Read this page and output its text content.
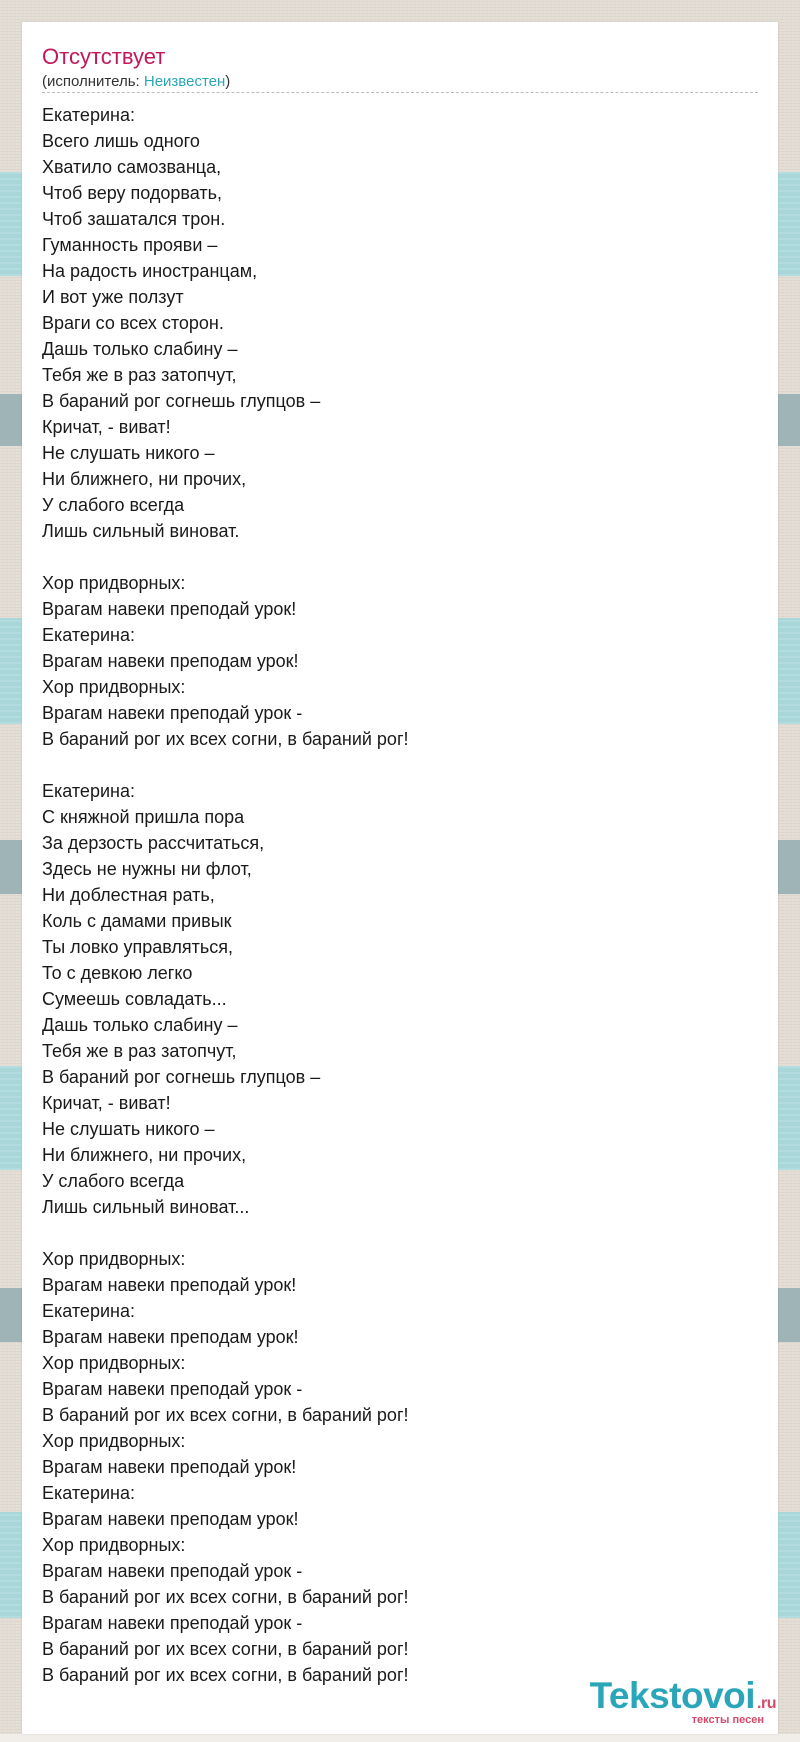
Отсутствует
(исполнитель: Неизвестен)
Екатерина:
Всего лишь одного
Хватило самозванца,
Чтоб веру подорвать,
Чтоб зашатался трон.
Гуманность прояви –
На радость иностранцам,
И вот уже ползут
Враги со всех сторон.
Дашь только слабину –
Тебя же в раз затопчут,
В бараний рог согнешь глупцов –
Кричат, - виват!
Не слушать никого –
Ни ближнего, ни прочих,
У слабого всегда
Лишь сильный виноват.
Хор придворных:
Врагам навеки преподай урок!
Екатерина:
Врагам навеки преподам урок!
Хор придворных:
Врагам навеки преподай урок -
В бараний рог их всех согни, в бараний рог!
Екатерина:
С княжной пришла пора
За дерзость рассчитаться,
Здесь не нужны ни флот,
Ни доблестная рать,
Коль с дамами привык
Ты ловко управляться,
То с девкою легко
Сумеешь совладать...
Дашь только слабину –
Тебя же в раз затопчут,
В бараний рог согнешь глупцов –
Кричат, - виват!
Не слушать никого –
Ни ближнего, ни прочих,
У слабого всегда
Лишь сильный виноват...
Хор придворных:
Врагам навеки преподай урок!
Екатерина:
Врагам навеки преподам урок!
Хор придворных:
Врагам навеки преподай урок -
В бараний рог их всех согни, в бараний рог!
Хор придворных:
Врагам навеки преподай урок!
Екатерина:
Врагам навеки преподам урок!
Хор придворных:
Врагам навеки преподай урок -
В бараний рог их всех согни, в бараний рог!
Врагам навеки преподай урок -
В бараний рог их всех согни, в бараний рог!
В бараний рог их всех согни, в бараний рог!	Tekstovoi .ru
тексты песен
